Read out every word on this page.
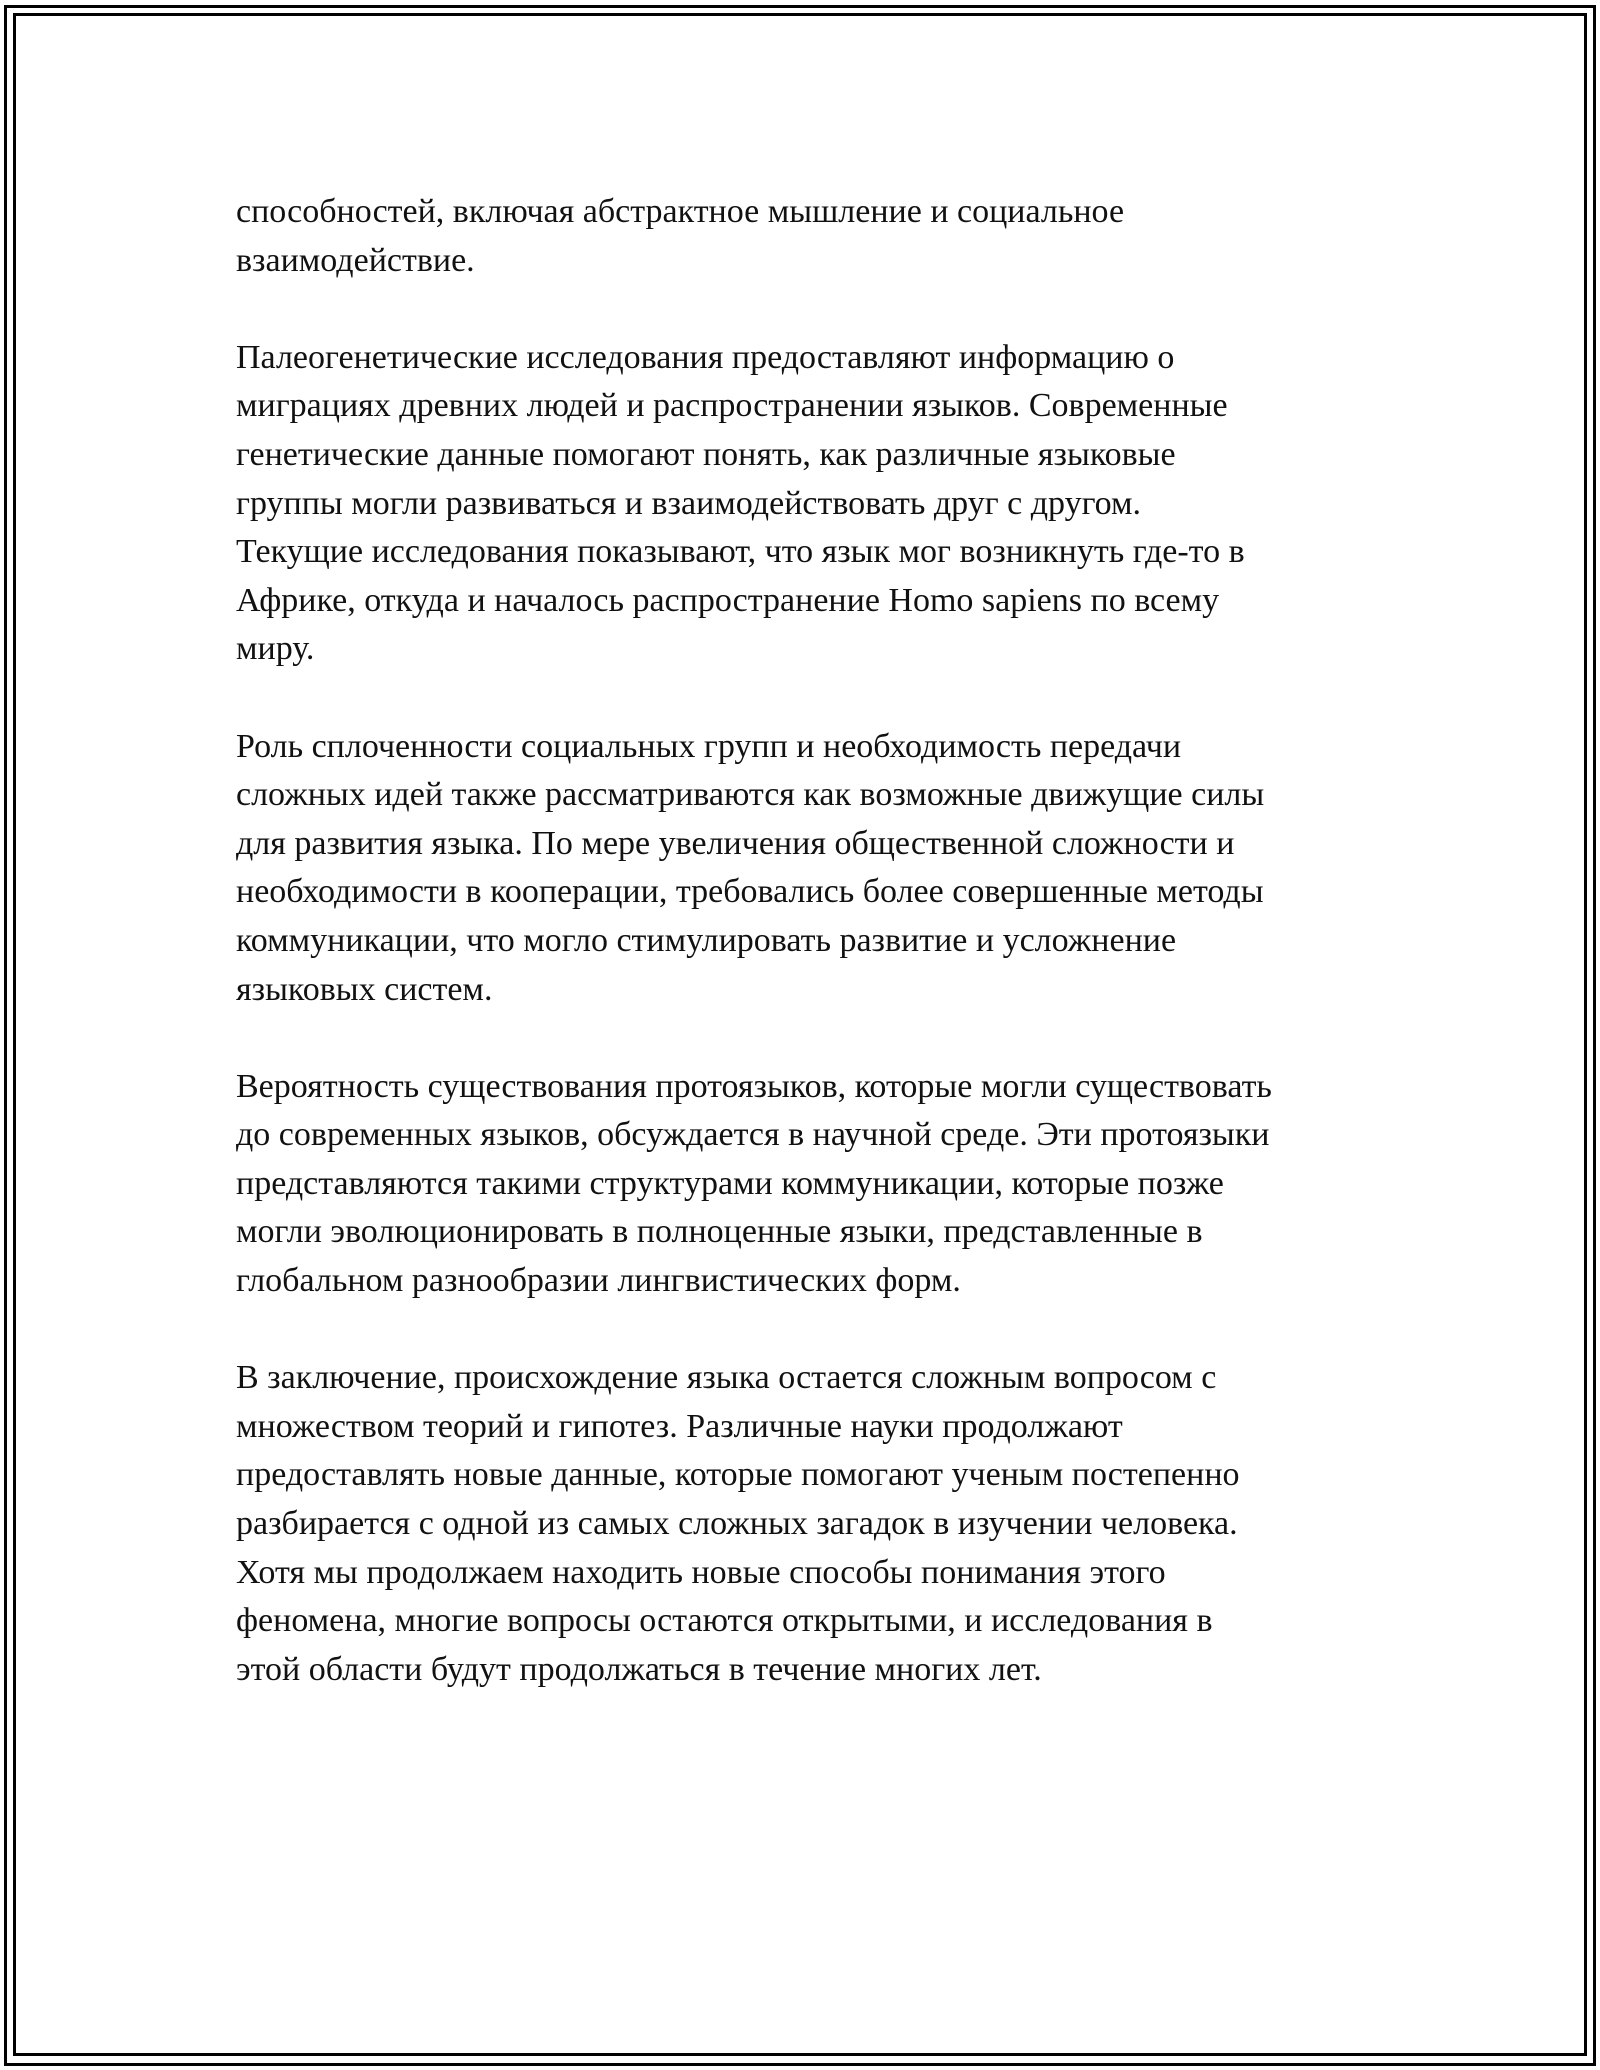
способностей, включая абстрактное мышление и социальное
взаимодействие.

Палеогенетические исследования предоставляют информацию о
миграциях древних людей и распространении языков. Современные
генетические данные помогают понять, как различные языковые
группы могли развиваться и взаимодействовать друг с другом.
Текущие исследования показывают, что язык мог возникнуть где-то в
Африке, откуда и началось распространение Homo sapiens по всему
миру.

Роль сплоченности социальных групп и необходимость передачи
сложных идей также рассматриваются как возможные движущие силы
для развития языка. По мере увеличения общественной сложности и
необходимости в кооперации, требовались более совершенные методы
коммуникации, что могло стимулировать развитие и усложнение
языковых систем.

Вероятность существования протоязыков, которые могли существовать
до современных языков, обсуждается в научной среде. Эти протоязыки
представляются такими структурами коммуникации, которые позже
могли эволюционировать в полноценные языки, представленные в
глобальном разнообразии лингвистических форм.

В заключение, происхождение языка остается сложным вопросом с
множеством теорий и гипотез. Различные науки продолжают
предоставлять новые данные, которые помогают ученым постепенно
разбирается с одной из самых сложных загадок в изучении человека.
Хотя мы продолжаем находить новые способы понимания этого
феномена, многие вопросы остаются открытыми, и исследования в
этой области будут продолжаться в течение многих лет.
